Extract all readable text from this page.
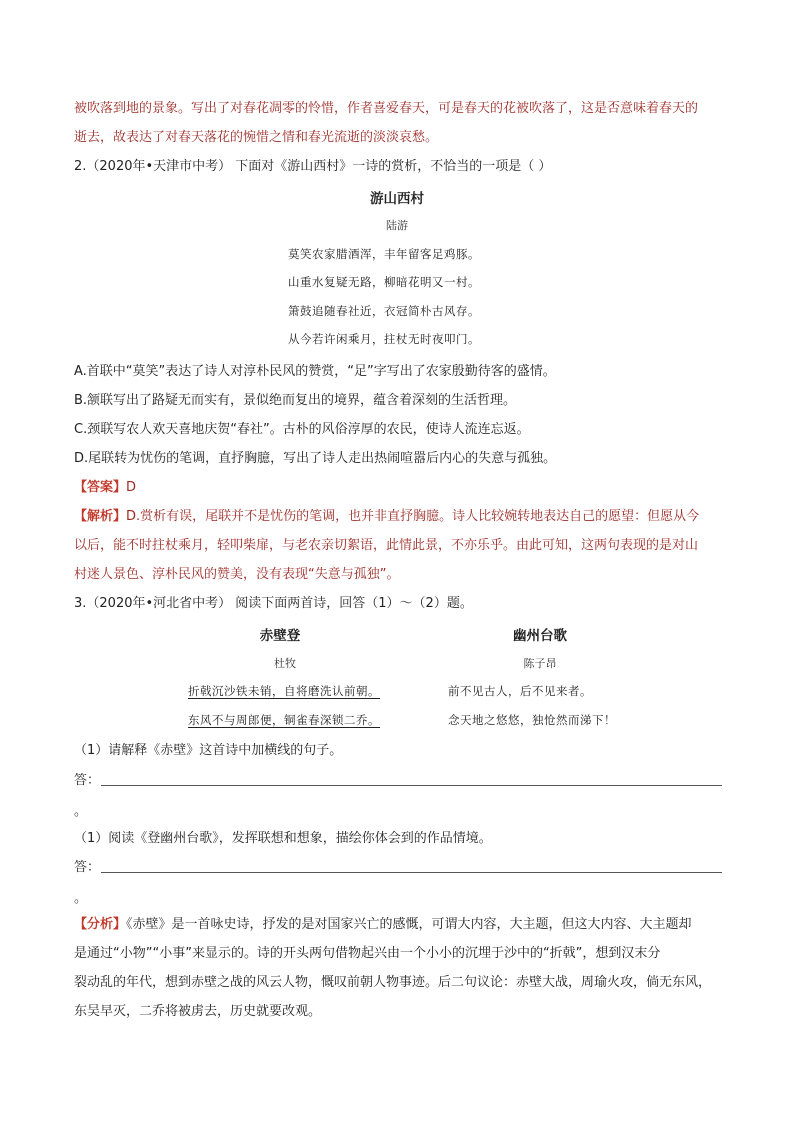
被吹落到地的景象。写出了对春花凋零的怜惜，作者喜爱春天，可是春天的花被吹落了，这是否意味着春天的
逝去，故表达了对春天落花的惋惜之情和春光流逝的淡淡哀愁。
2.（2020年•天津市中考） 下面对《游山西村》一诗的赏析，不恰当的一项是（ ）
游山西村
陆游
莫笑农家腊酒浑，丰年留客足鸡豚。
山重水复疑无路，柳暗花明又一村。
箫鼓追随春社近，衣冠简朴古风存。
从今若许闲乘月，拄杖无时夜叩门。
A.首联中“莫笑”表达了诗人对淳朴民风的赞赏，“足”字写出了农家殷勤待客的盛情。
B.颔联写出了路疑无而实有，景似绝而复出的境界，蕴含着深刻的生活哲理。
C.颈联写农人欢天喜地庆贺“春社”。古朴的风俗淳厚的农民，使诗人流连忘返。
D.尾联转为忧伤的笔调，直抒胸臆，写出了诗人走出热闹喧嚣后内心的失意与孤独。
【答案】D
【解析】D.赏析有误，尾联并不是忧伤的笔调，也并非直抒胸臆。诗人比较婉转地表达自己的愿望：但愿从今
以后，能不时拄杖乘月，轻叩柴扉，与老农亲切絮语，此情此景，不亦乐乎。由此可知，这两句表现的是对山
村迷人景色、淳朴民风的赞美，没有表现“失意与孤独”。
3.（2020年•河北省中考） 阅读下面两首诗，回答（1）～（2）题。
赤壁登	幽州台歌
杜牧	陈子昂
折戟沉沙铁未销，自将磨洗认前朝。	前不见古人，后不见来者。
东风不与周郎便，铜雀春深锁二乔。	念天地之悠悠，独怆然而涕下！
（1）请解释《赤壁》这首诗中加横线的句子。
答：
。
（1）阅读《登幽州台歌》，发挥联想和想象，描绘你体会到的作品情境。
答：
。
【分析】《赤壁》是一首咏史诗，抒发的是对国家兴亡的感慨，可谓大内容，大主题，但这大内容、大主题却
是通过“小物”“小事”来显示的。诗的开头两句借物起兴由一个小小的沉埋于沙中的“折戟”，想到汉末分
裂动乱的年代，想到赤壁之战的风云人物，慨叹前朝人物事迹。后二句议论：赤壁大战，周瑜火攻，倘无东风，
东吴早灭，二乔将被虏去，历史就要改观。
